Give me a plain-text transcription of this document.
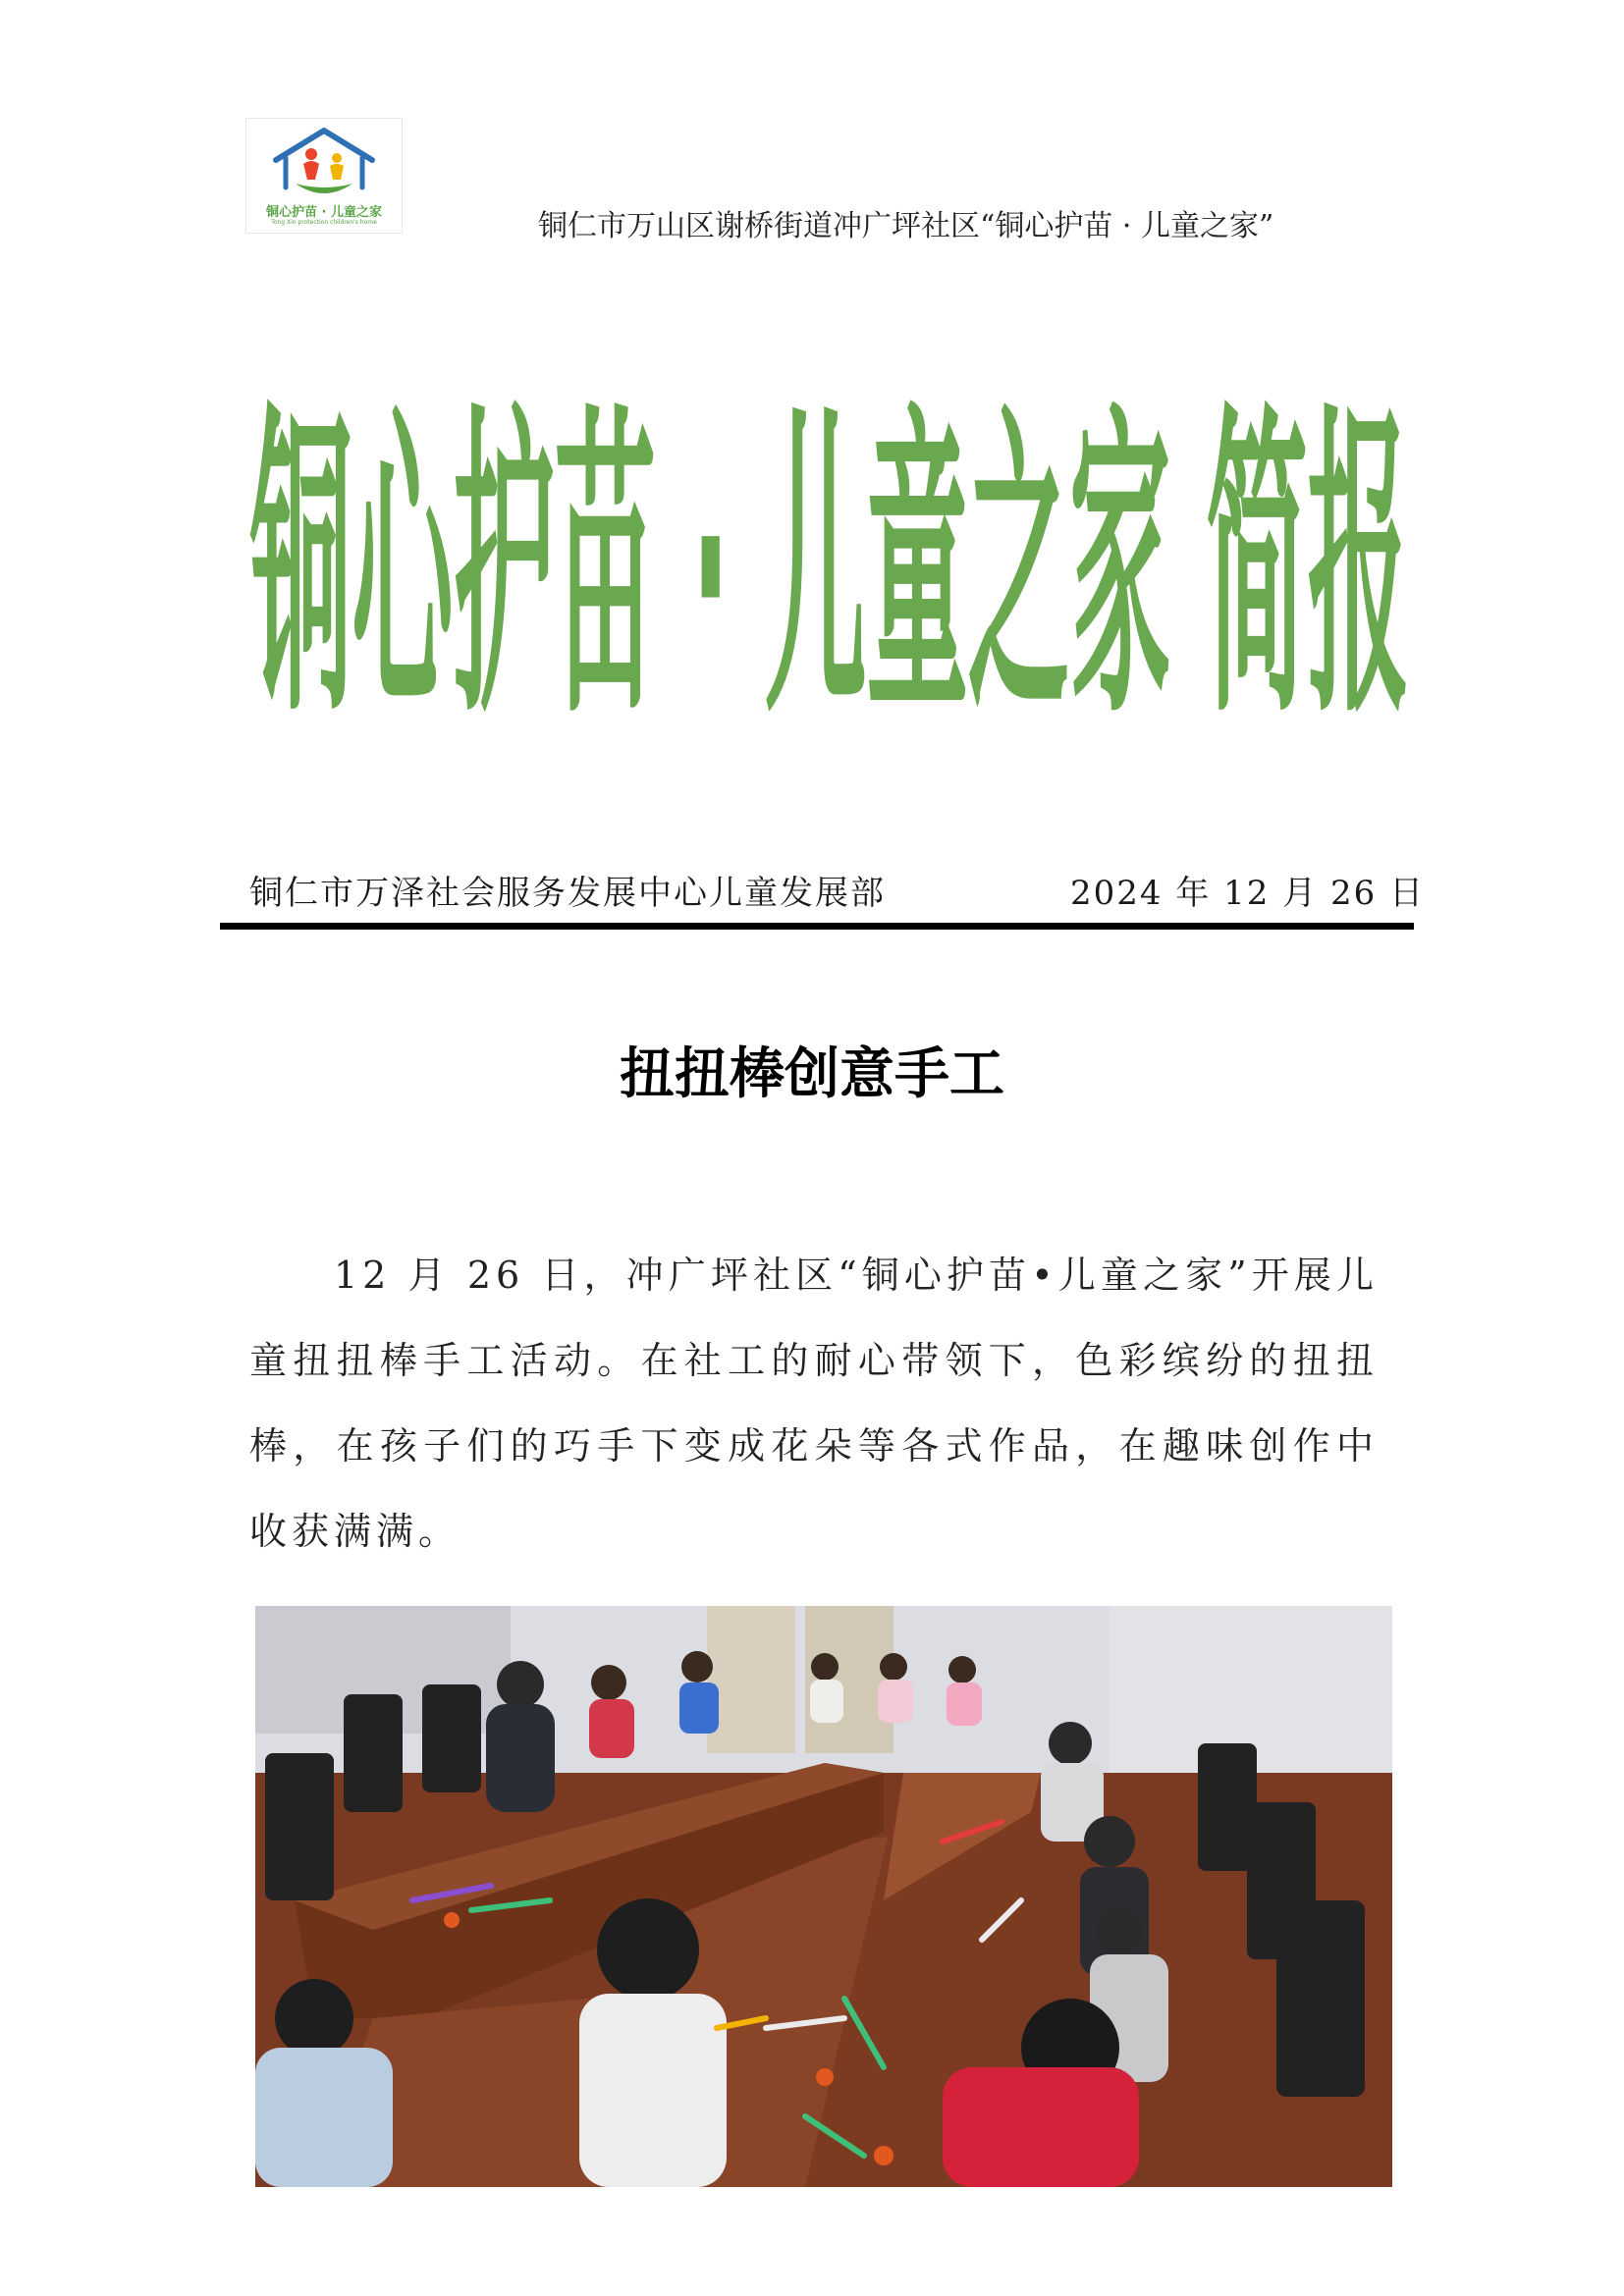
铜心护苗 · 儿童之家
Tong Xin protection children's home	铜仁市万山区谢桥街道冲广坪社区“铜心护苗 · 儿童之家”
铜心护苗 · 儿童之家 简报
铜仁市万泽社会服务发展中心儿童发展部	2024 年 12 月 26 日
扭扭棒创意手工

12 月 26 日，冲广坪社区“铜心护苗•儿童之家”开展儿童扭扭棒手工活动。在社工的耐心带领下，色彩缤纷的扭扭棒，在孩子们的巧手下变成花朵等各式作品，在趣味创作中收获满满。
